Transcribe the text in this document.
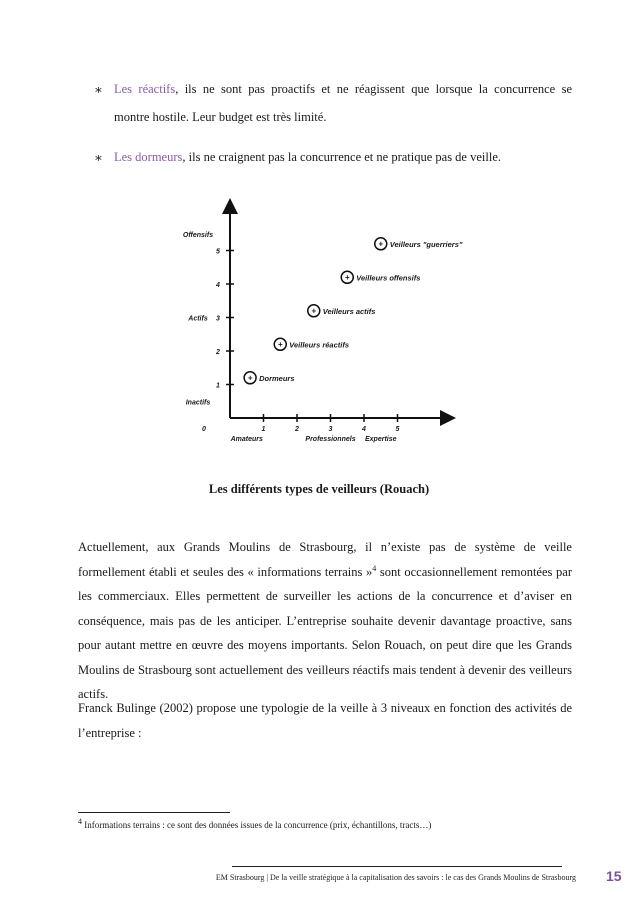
∗ Les réactifs, ils ne sont pas proactifs et ne réagissent que lorsque la concurrence se
montre hostile. Leur budget est très limité.
∗ Les dormeurs, ils ne craignent pas la concurrence et ne pratique pas de veille.
1
2
3
4
5
1	2	3	4	5
0
Offensifs
Actifs
Inactifs
Amateurs	Professionnels Expertise
+ Dormeurs
+ Veilleurs réactifs
+ Veilleurs actifs
+ Veilleurs offensifs
+ Veilleurs "guerriers"
Les différents types de veilleurs (Rouach)
Actuellement, aux Grands Moulins de Strasbourg, il n’existe pas de système de veille formellement établi et seules des « informations terrains »$^4$ sont occasionnellement remontées par les commerciaux. Elles permettent de surveiller les actions de la concurrence et d’aviser en conséquence, mais pas de les anticiper. L’entreprise souhaite devenir davantage proactive, sans pour autant mettre en œuvre des moyens importants. Selon Rouach, on peut dire que les Grands Moulins de Strasbourg sont actuellement des veilleurs réactifs mais tendent à devenir des veilleurs actifs.
Franck Bulinge (2002) propose une typologie de la veille à 3 niveaux en fonction des activités de l’entreprise :
$^4$ Informations terrains : ce sont des données issues de la concurrence (prix, échantillons, tracts…)
EM Strasbourg | De la veille stratégique à la capitalisation des savoirs : le cas des Grands Moulins de Strasbourg 15
